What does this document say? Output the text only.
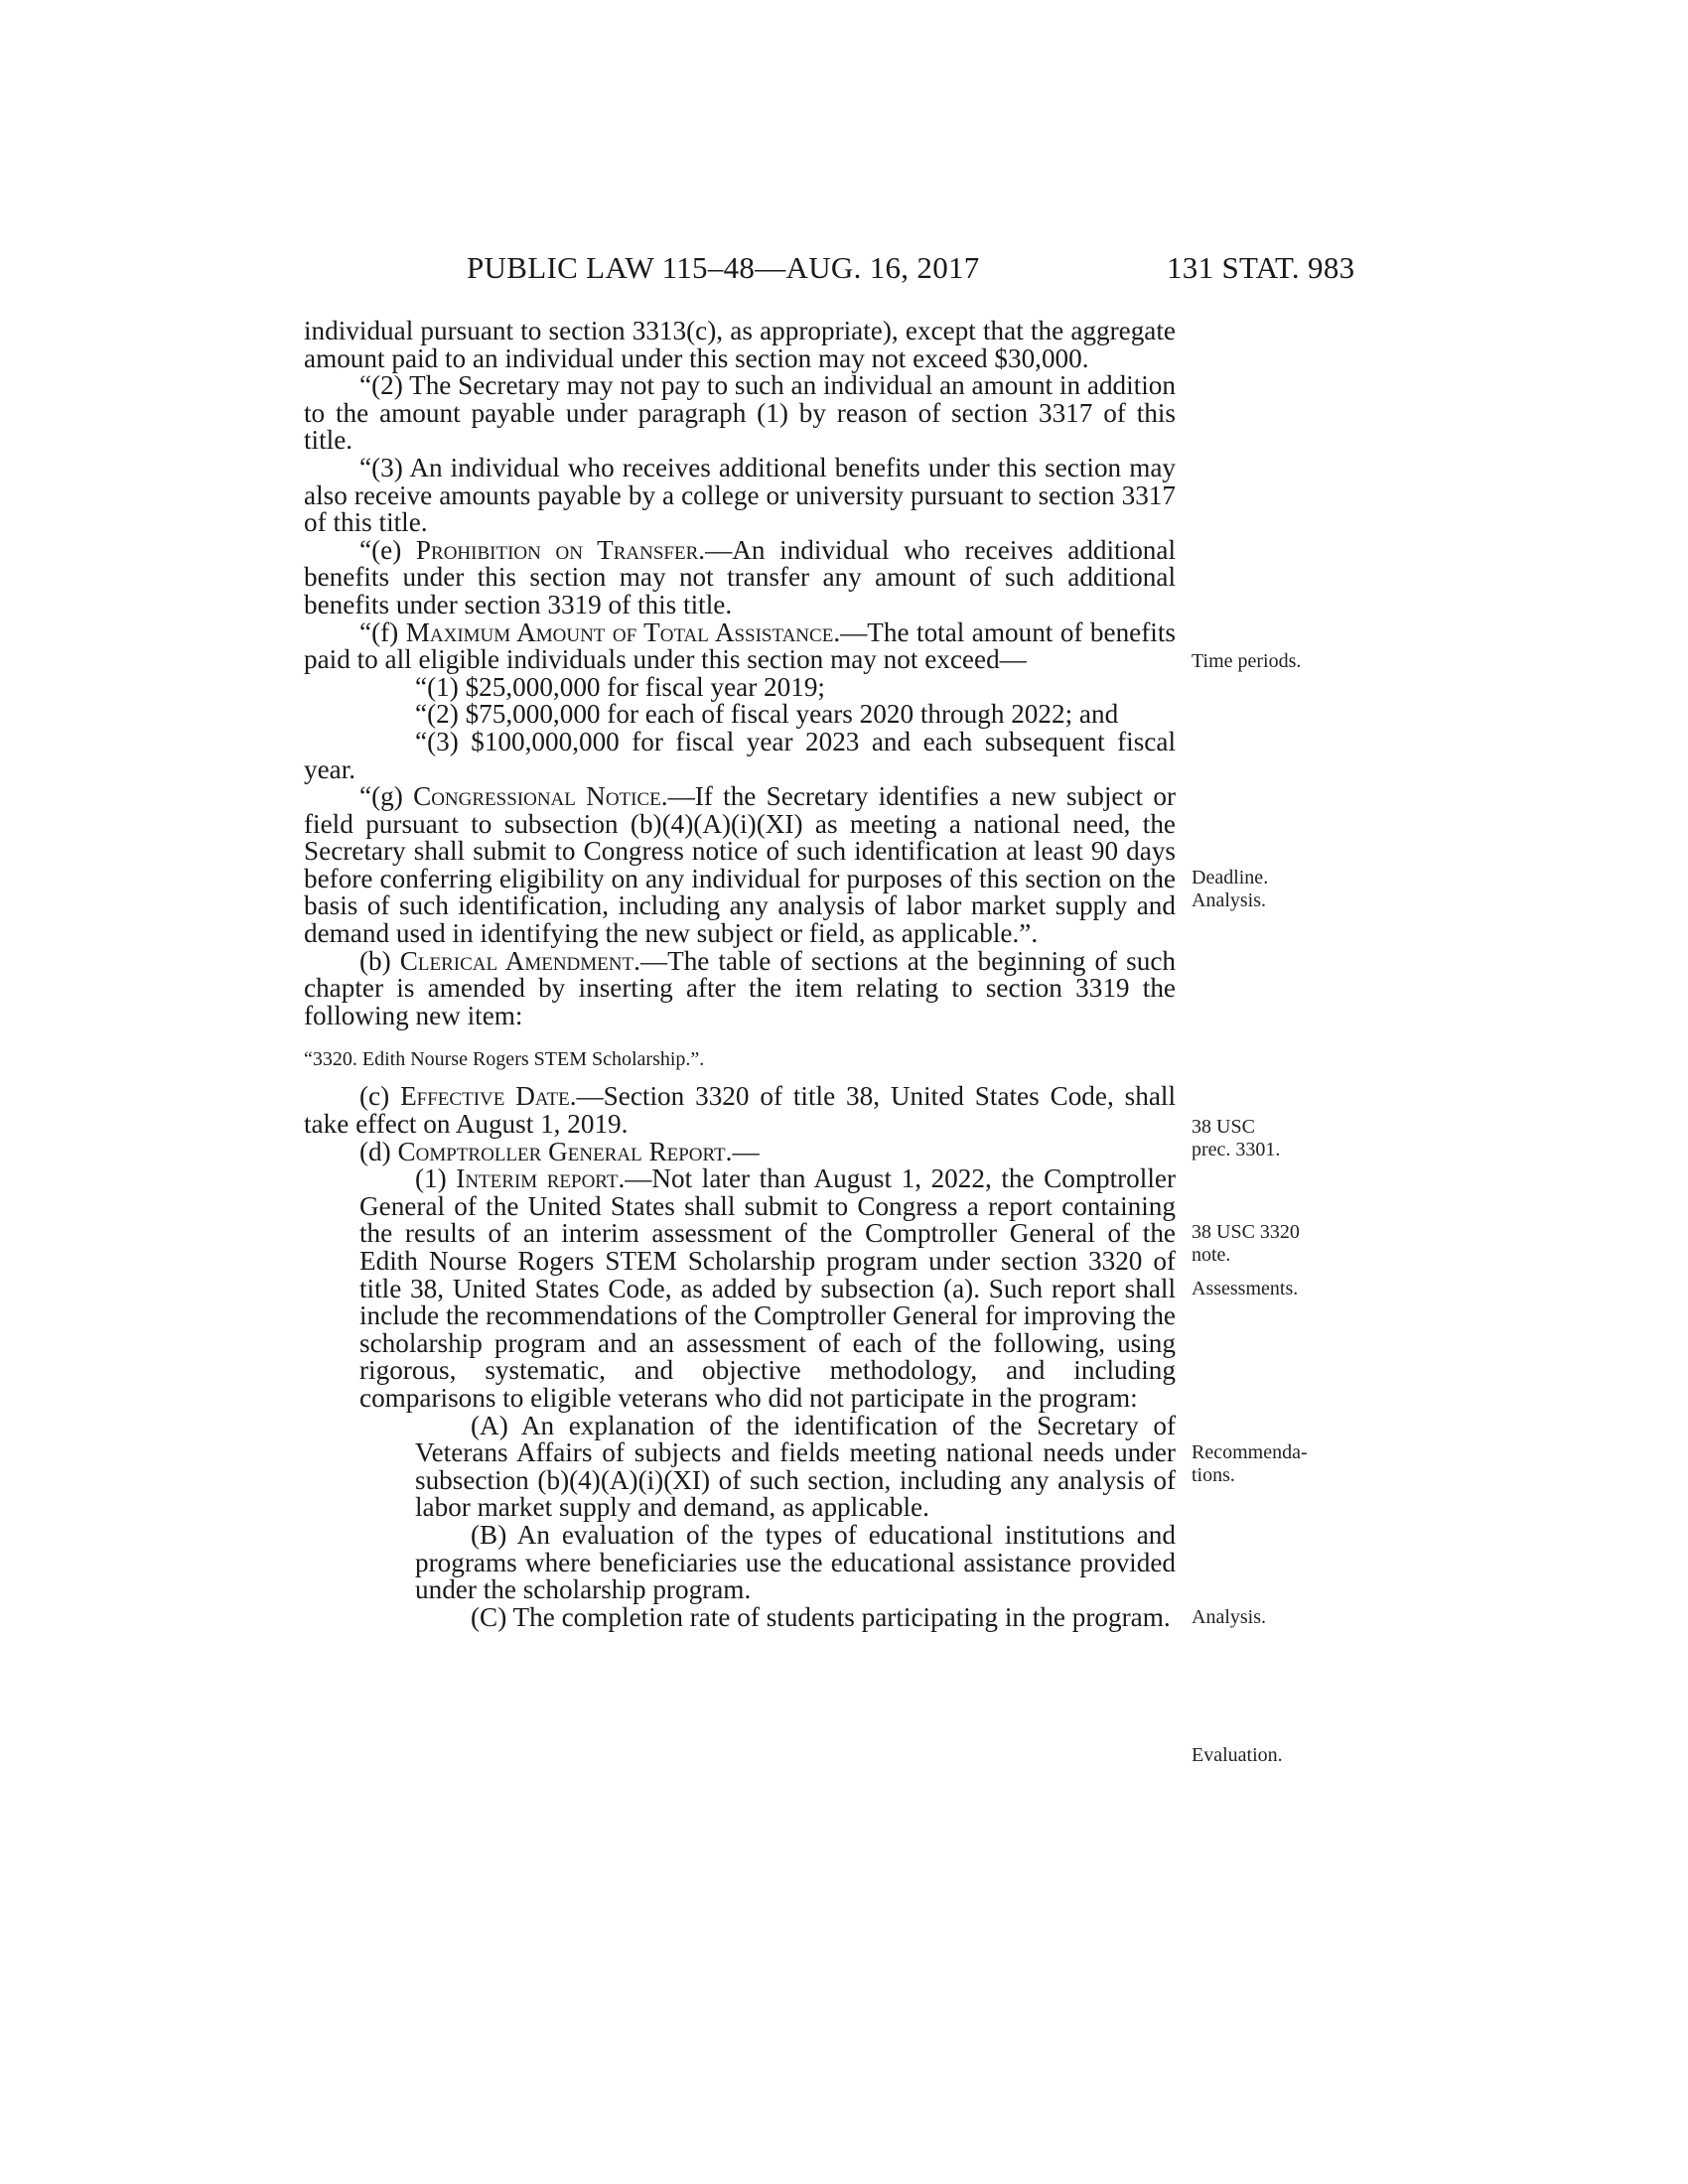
PUBLIC LAW 115–48—AUG. 16, 2017	131 STAT. 983

individual pursuant to section 3313(c), as appropriate), except that the aggregate amount paid to an individual under this section may not exceed $30,000.

“(2) The Secretary may not pay to such an individual an amount in addition to the amount payable under paragraph (1) by reason of section 3317 of this title.

“(3) An individual who receives additional benefits under this section may also receive amounts payable by a college or university pursuant to section 3317 of this title.

“(e) Prohibition on Transfer.—An individual who receives additional benefits under this section may not transfer any amount of such additional benefits under section 3319 of this title.

“(f) Maximum Amount of Total Assistance.—The total amount of benefits paid to all eligible individuals under this section may not exceed—

“(1) $25,000,000 for fiscal year 2019;

“(2) $75,000,000 for each of fiscal years 2020 through 2022; and

“(3) $100,000,000 for fiscal year 2023 and each subsequent fiscal year.

“(g) Congressional Notice.—If the Secretary identifies a new subject or field pursuant to subsection (b)(4)(A)(i)(XI) as meeting a national need, the Secretary shall submit to Congress notice of such identification at least 90 days before conferring eligibility on any individual for purposes of this section on the basis of such identification, including any analysis of labor market supply and demand used in identifying the new subject or field, as applicable.”.

(b) Clerical Amendment.—The table of sections at the beginning of such chapter is amended by inserting after the item relating to section 3319 the following new item:

“3320. Edith Nourse Rogers STEM Scholarship.”.

(c) Effective Date.—Section 3320 of title 38, United States Code, shall take effect on August 1, 2019.

(d) Comptroller General Report.—

(1) Interim report.—Not later than August 1, 2022, the Comptroller General of the United States shall submit to Congress a report containing the results of an interim assessment of the Comptroller General of the Edith Nourse Rogers STEM Scholarship program under section 3320 of title 38, United States Code, as added by subsection (a). Such report shall include the recommendations of the Comptroller General for improving the scholarship program and an assessment of each of the following, using rigorous, systematic, and objective methodology, and including comparisons to eligible veterans who did not participate in the program:

(A) An explanation of the identification of the Secretary of Veterans Affairs of subjects and fields meeting national needs under subsection (b)(4)(A)(i)(XI) of such section, including any analysis of labor market supply and demand, as applicable.

(B) An evaluation of the types of educational institutions and programs where beneficiaries use the educational assistance provided under the scholarship program.

(C) The completion rate of students participating in the program.

Time periods.
Deadline.
Analysis.
38 USC
prec. 3301.
38 USC 3320
note.
Assessments.
Recommenda-
tions.
Analysis.
Evaluation.
